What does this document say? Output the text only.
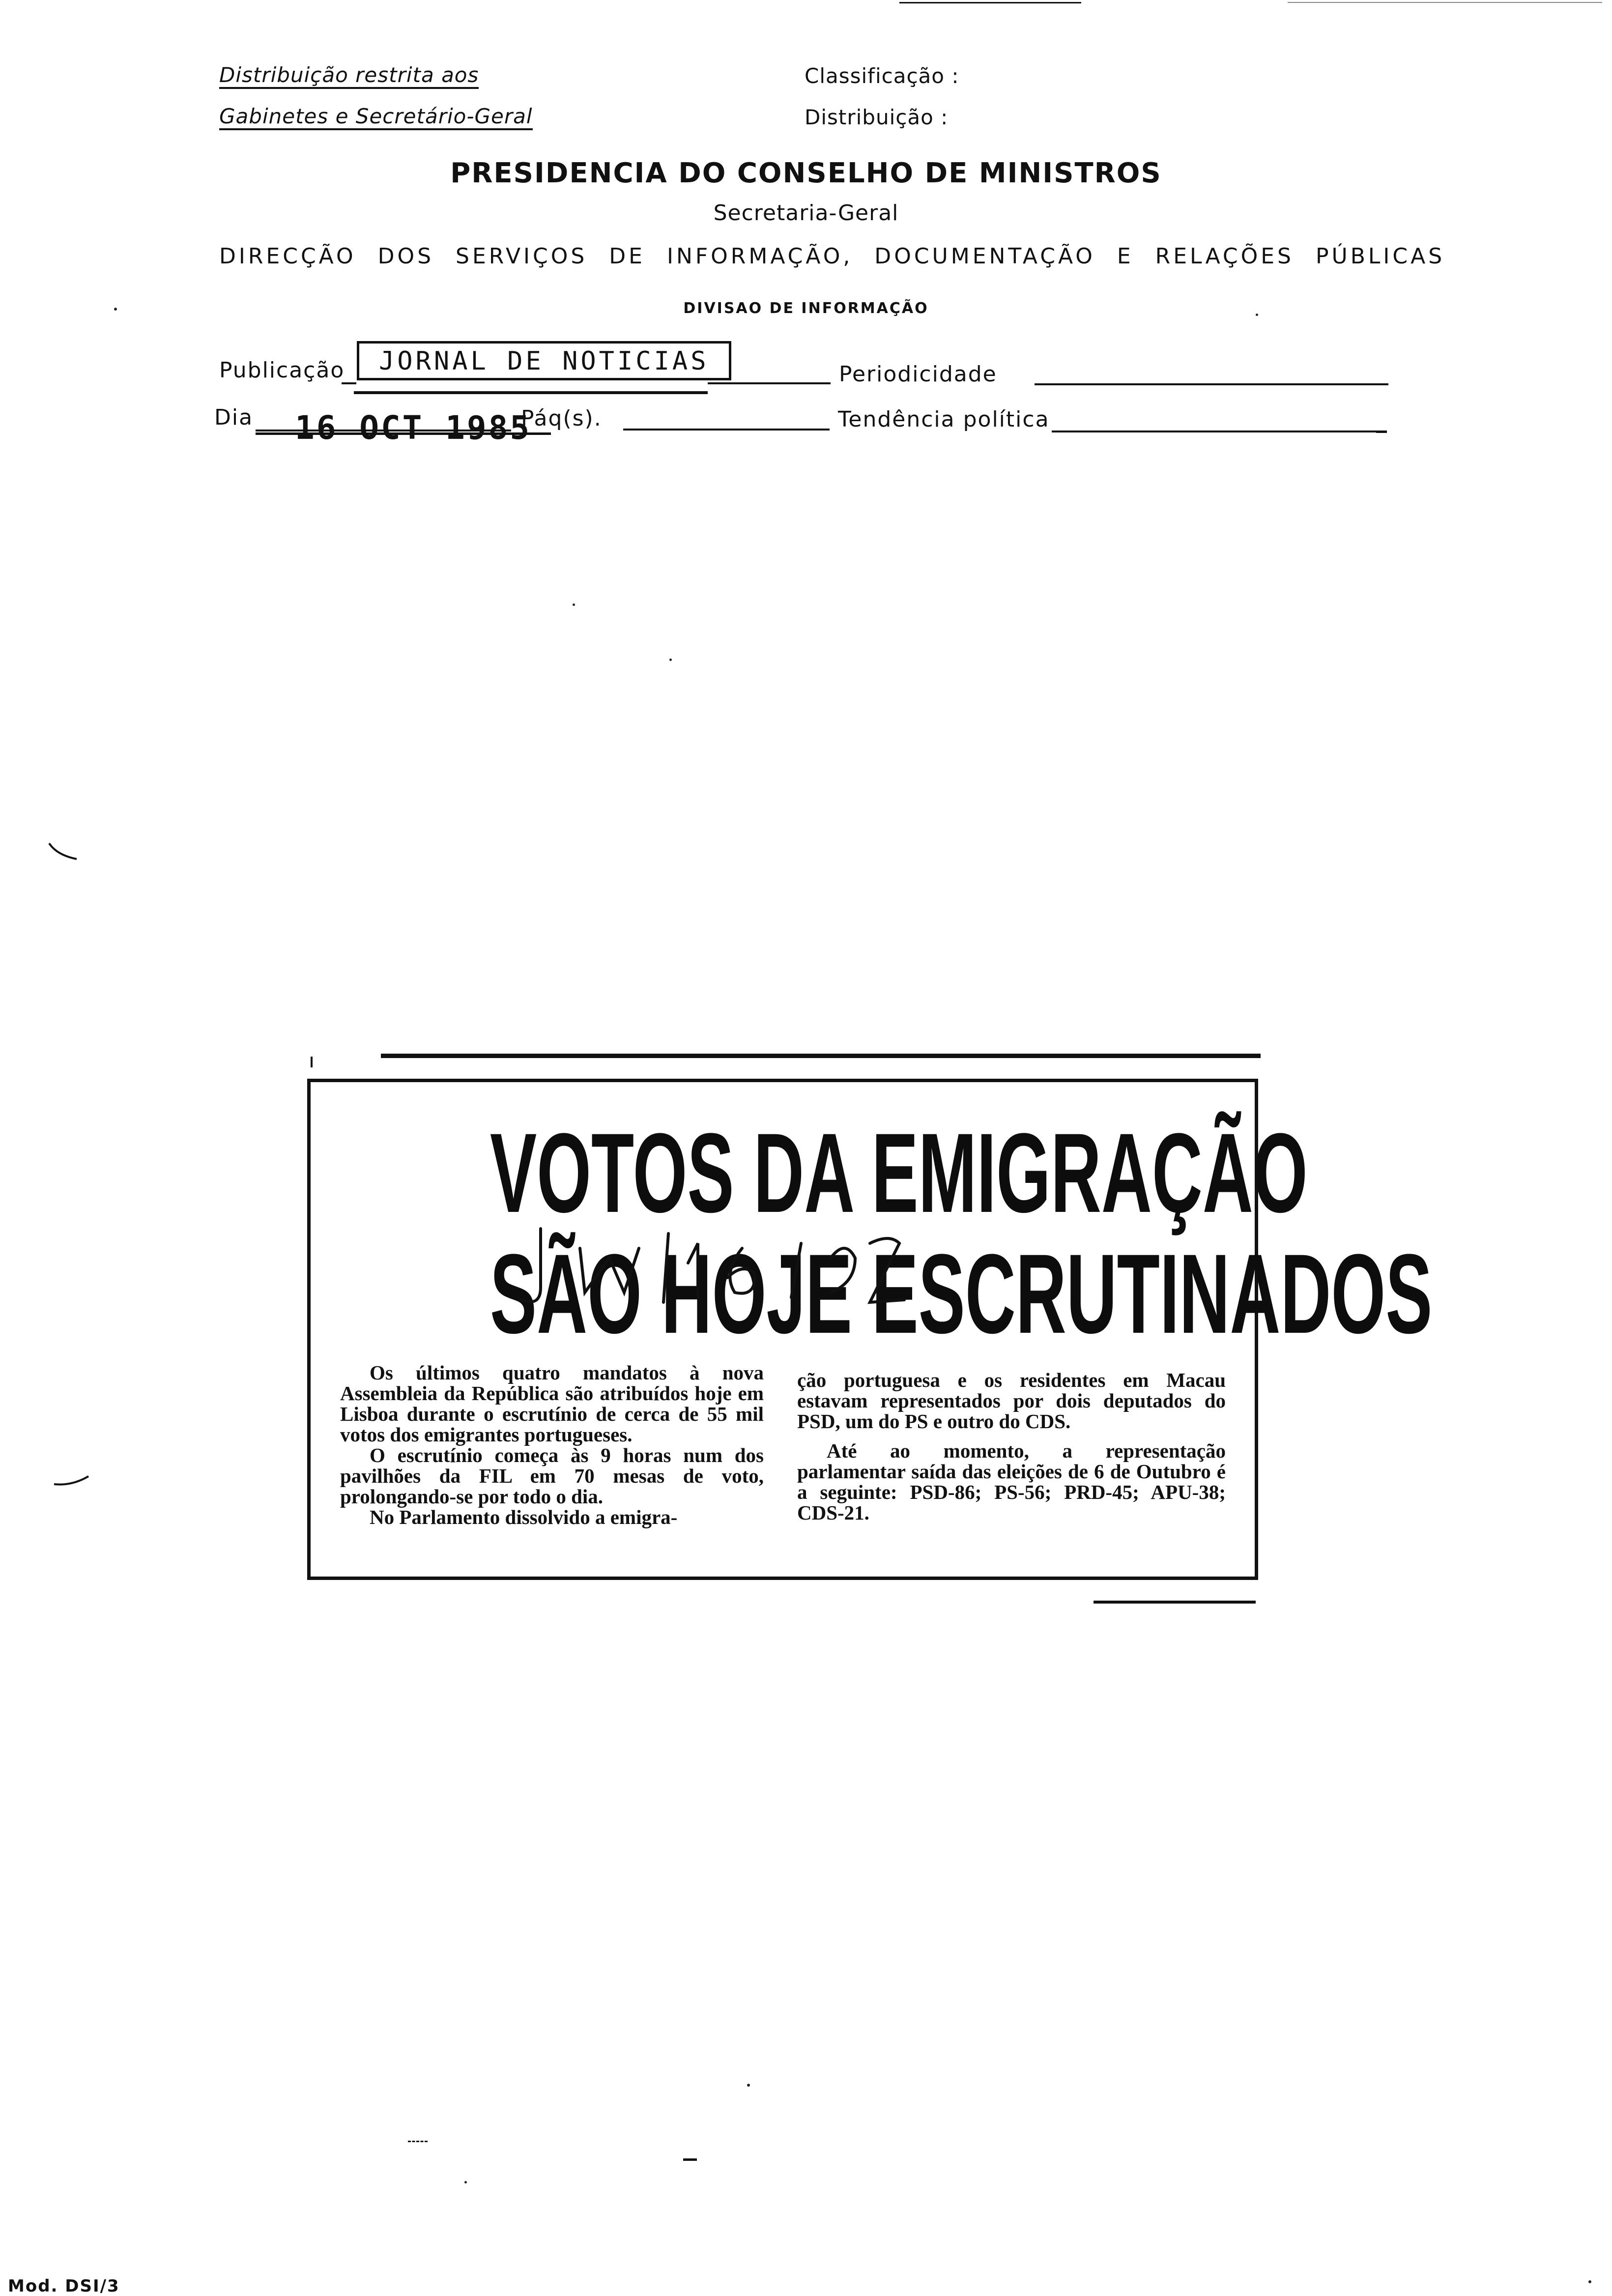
Distribuição restrita aos
Gabinetes e Secretário-Geral
Classificação :
Distribuição :
PRESIDENCIA DO CONSELHO DE MINISTROS
Secretaria-Geral
DIRECÇÃO DOS SERVIÇOS DE INFORMAÇÃO, DOCUMENTAÇÃO E RELAÇÕES PÚBLICAS
DIVISAO DE INFORMAÇÃO
Publicação	JORNAL DE NOTICIAS	Periodicidade
Dia 16 OCT 1985
Páq(s).	Tendência política
VOTOS DA EMIGRAÇÃO
SÃO HOJE ESCRUTINADOS

Os últimos quatro mandatos à nova Assembleia da República são atribuídos hoje em Lisboa durante o escrutínio de cerca de 55 mil votos dos emigrantes portugueses.

O escrutínio começa às 9 horas num dos pavilhões da FIL em 70 mesas de voto, prolongando-se por todo o dia.

No Parlamento dissolvido a emigra-

ção portuguesa e os residentes em Macau estavam representados por dois deputados do PSD, um do PS e outro do CDS.

Até ao momento, a representação parlamentar saída das eleições de 6 de Outubro é a seguinte: PSD-86; PS-56; PRD-45; APU-38; CDS-21.

Mod. DSI/3
